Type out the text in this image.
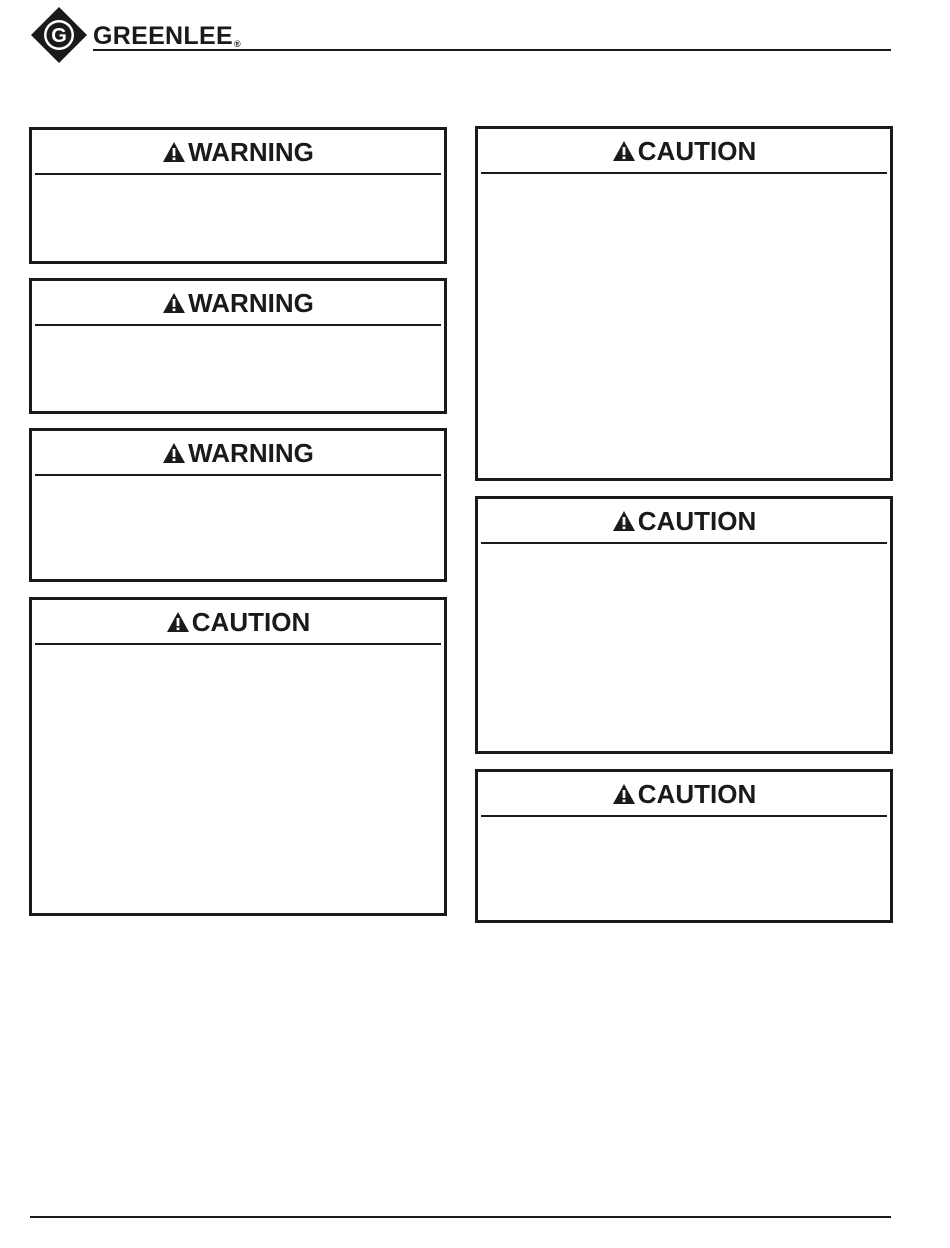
G GREENLEE®
WARNING
WARNING
WARNING
CAUTION
CAUTION
CAUTION
CAUTION
